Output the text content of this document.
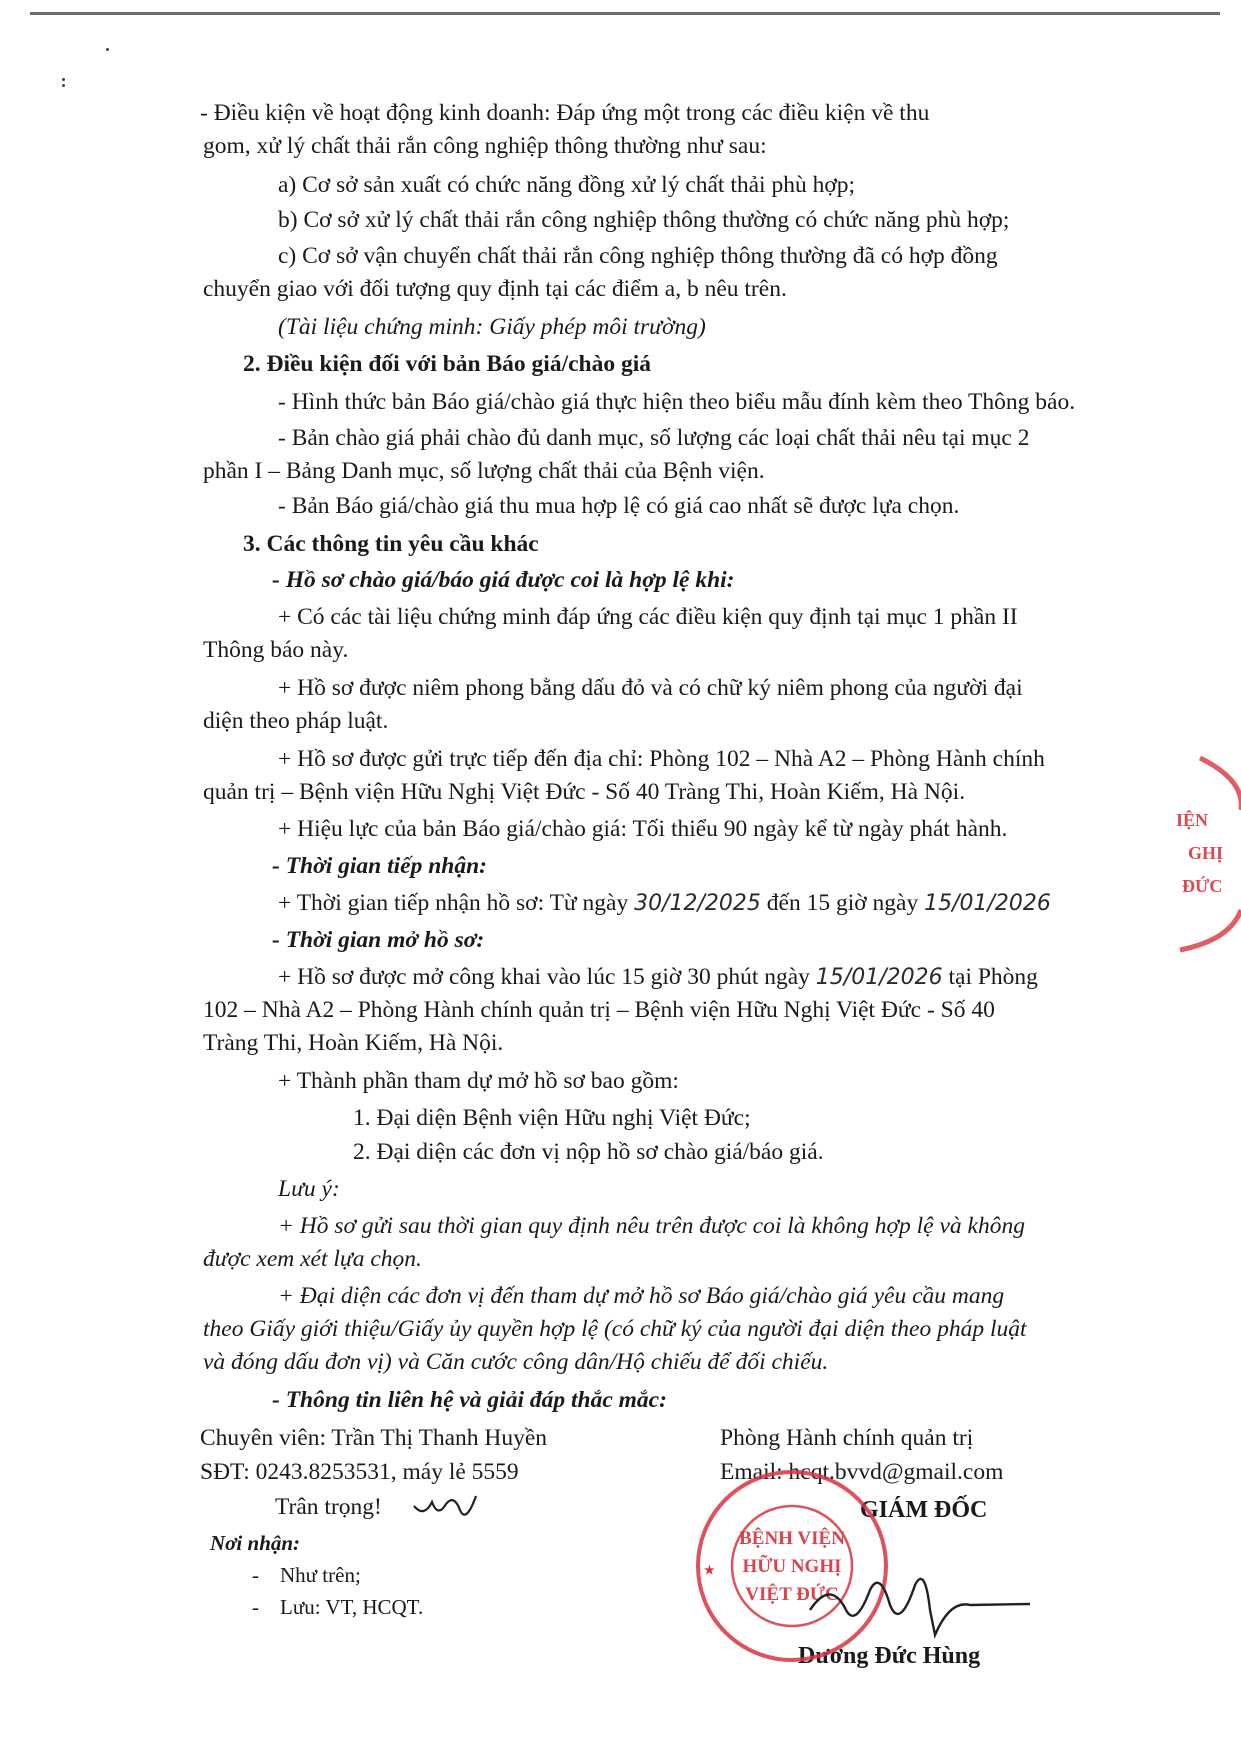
- Điều kiện về hoạt động kinh doanh: Đáp ứng một trong các điều kiện về thu
gom, xử lý chất thải rắn công nghiệp thông thường như sau:
a) Cơ sở sản xuất có chức năng đồng xử lý chất thải phù hợp;
b) Cơ sở xử lý chất thải rắn công nghiệp thông thường có chức năng phù hợp;
c) Cơ sở vận chuyển chất thải rắn công nghiệp thông thường đã có hợp đồng
chuyển giao với đối tượng quy định tại các điểm a, b nêu trên.
(Tài liệu chứng minh: Giấy phép môi trường)
2. Điều kiện đối với bản Báo giá/chào giá
- Hình thức bản Báo giá/chào giá thực hiện theo biểu mẫu đính kèm theo Thông báo.
- Bản chào giá phải chào đủ danh mục, số lượng các loại chất thải nêu tại mục 2
phần I – Bảng Danh mục, số lượng chất thải của Bệnh viện.
- Bản Báo giá/chào giá thu mua hợp lệ có giá cao nhất sẽ được lựa chọn.
3. Các thông tin yêu cầu khác
- Hồ sơ chào giá/báo giá được coi là hợp lệ khi:
+ Có các tài liệu chứng minh đáp ứng các điều kiện quy định tại mục 1 phần II
Thông báo này.
+ Hồ sơ được niêm phong bằng dấu đỏ và có chữ ký niêm phong của người đại
diện theo pháp luật.
+ Hồ sơ được gửi trực tiếp đến địa chỉ: Phòng 102 – Nhà A2 – Phòng Hành chính
quản trị – Bệnh viện Hữu Nghị Việt Đức - Số 40 Tràng Thi, Hoàn Kiếm, Hà Nội.
+ Hiệu lực của bản Báo giá/chào giá: Tối thiểu 90 ngày kể từ ngày phát hành.
- Thời gian tiếp nhận:
+ Thời gian tiếp nhận hồ sơ: Từ ngày 30/12/2025 đến 15 giờ ngày 15/01/2026
- Thời gian mở hồ sơ:
+ Hồ sơ được mở công khai vào lúc 15 giờ 30 phút ngày 15/01/2026 tại Phòng
102 – Nhà A2 – Phòng Hành chính quản trị – Bệnh viện Hữu Nghị Việt Đức - Số 40
Tràng Thi, Hoàn Kiếm, Hà Nội.
+ Thành phần tham dự mở hồ sơ bao gồm:
1. Đại diện Bệnh viện Hữu nghị Việt Đức;
2. Đại diện các đơn vị nộp hồ sơ chào giá/báo giá.
Lưu ý:
+ Hồ sơ gửi sau thời gian quy định nêu trên được coi là không hợp lệ và không
được xem xét lựa chọn.
+ Đại diện các đơn vị đến tham dự mở hồ sơ Báo giá/chào giá yêu cầu mang
theo Giấy giới thiệu/Giấy ủy quyền hợp lệ (có chữ ký của người đại diện theo pháp luật
và đóng dấu đơn vị) và Căn cước công dân/Hộ chiếu để đối chiếu.
- Thông tin liên hệ và giải đáp thắc mắc:
Chuyên viên: Trần Thị Thanh Huyền
SĐT: 0243.8253531, máy lẻ 5559
Phòng Hành chính quản trị
Email: hcqt.bvvd@gmail.com
Trân trọng!
Nơi nhận:
-    Như trên;
-    Lưu: VT, HCQT.
GIÁM ĐỐC
Dương Đức Hùng
BỆNH VIỆN
HỮU NGHỊ
VIỆT ĐỨC
★
IỆN
GHỊ
ĐỨC
